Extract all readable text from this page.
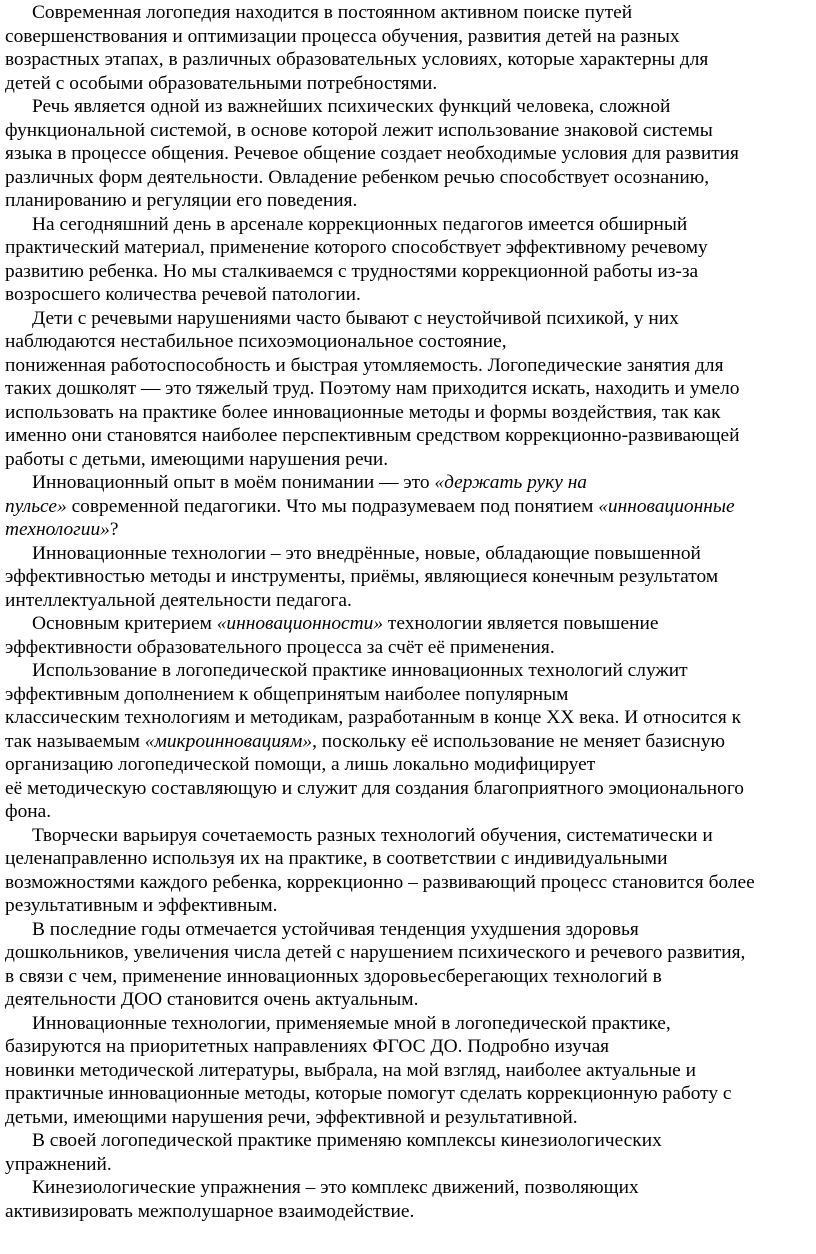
Современная логопедия находится в постоянном активном поиске путей
совершенствования и оптимизации процесса обучения, развития детей на разных
возрастных этапах, в различных образовательных условиях, которые характерны для
детей с особыми образовательными потребностями.

Речь является одной из важнейших психических функций человека, сложной
функциональной системой, в основе которой лежит использование знаковой системы
языка в процессе общения. Речевое общение создает необходимые условия для развития
различных форм деятельности. Овладение ребенком речью способствует осознанию,
планированию и регуляции его поведения.

На сегодняшний день в арсенале коррекционных педагогов имеется обширный
практический материал, применение которого способствует эффективному речевому
развитию ребенка. Но мы сталкиваемся с трудностями коррекционной работы из-за
возросшего количества речевой патологии.

Дети с речевыми нарушениями часто бывают с неустойчивой психикой, у них
наблюдаются нестабильное психоэмоциональное состояние,
пониженная работоспособность и быстрая утомляемость. Логопедические занятия для
таких дошколят — это тяжелый труд. Поэтому нам приходится искать, находить и умело
использовать на практике более инновационные методы и формы воздействия, так как
именно они становятся наиболее перспективным средством коррекционно-развивающей
работы с детьми, имеющими нарушения речи.

Инновационный опыт в моём понимании — это «держать руку на
пульсе» современной педагогики. Что мы подразумеваем под понятием «инновационные
технологии»?

Инновационные технологии – это внедрённые, новые, обладающие повышенной
эффективностью методы и инструменты, приёмы, являющиеся конечным результатом
интеллектуальной деятельности педагога.

Основным критерием «инновационности» технологии является повышение
эффективности образовательного процесса за счёт её применения.

Использование в логопедической практике инновационных технологий служит
эффективным дополнением к общепринятым наиболее популярным
классическим технологиям и методикам, разработанным в конце XX века. И относится к
так называемым «микроинновациям», поскольку её использование не меняет базисную
организацию логопедической помощи, а лишь локально модифицирует
её методическую составляющую и служит для создания благоприятного эмоционального
фона.

Творчески варьируя сочетаемость разных технологий обучения, систематически и
целенаправленно используя их на практике, в соответствии с индивидуальными
возможностями каждого ребенка, коррекционно – развивающий процесс становится более
результативным и эффективным.

В последние годы отмечается устойчивая тенденция ухудшения здоровья
дошкольников, увеличения числа детей с нарушением психического и речевого развития,
в связи с чем, применение инновационных здоровьесберегающих технологий в
деятельности ДОО становится очень актуальным.

Инновационные технологии, применяемые мной в логопедической практике,
базируются на приоритетных направлениях ФГОС ДО. Подробно изучая
новинки методической литературы, выбрала, на мой взгляд, наиболее актуальные и
практичные инновационные методы, которые помогут сделать коррекционную работу с
детьми, имеющими нарушения речи, эффективной и результативной.

В своей логопедической практике применяю комплексы кинезиологических
упражнений.

Кинезиологические упражнения – это комплекс движений, позволяющих
активизировать межполушарное взаимодействие.
